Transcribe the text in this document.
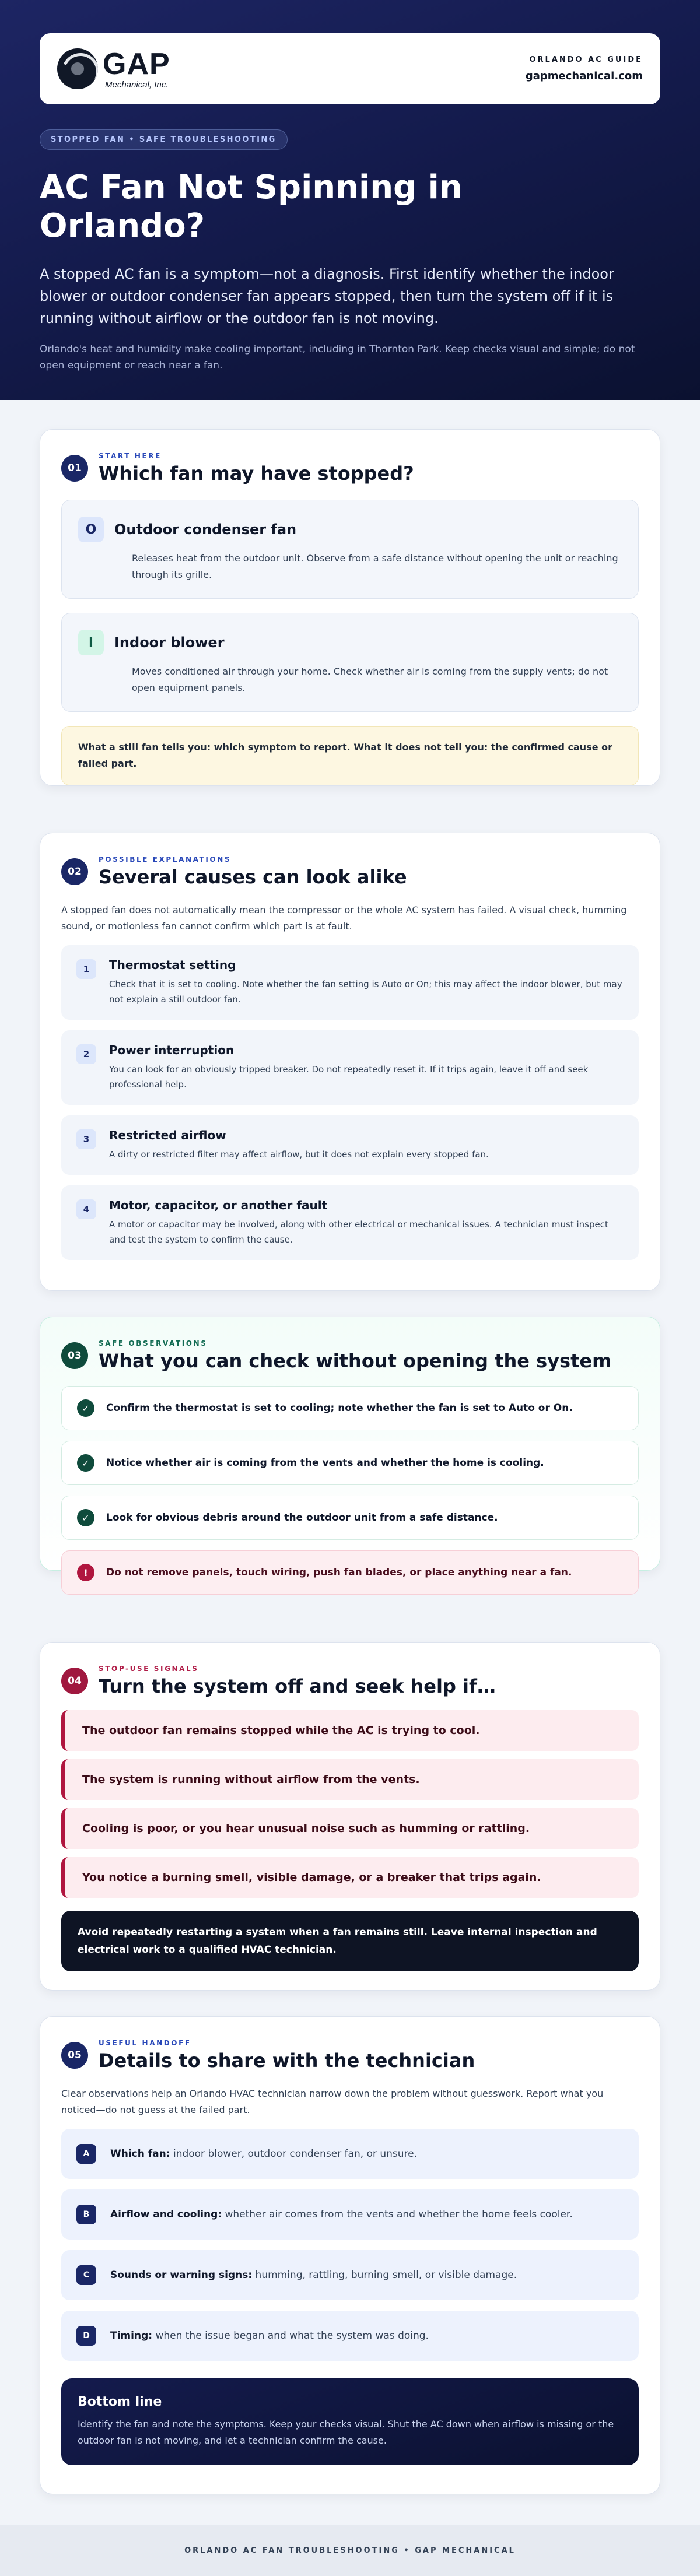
GAP
Mechanical, Inc.
ORLANDO AC GUIDE
gapmechanical.com
STOPPED FAN • SAFE TROUBLESHOOTING
AC Fan Not Spinning in Orlando?

A stopped AC fan is a symptom—not a diagnosis. First identify whether the indoor blower or outdoor condenser fan appears stopped, then turn the system off if it is running without airflow or the outdoor fan is not moving.

Orlando's heat and humidity make cooling important, including in Thornton Park. Keep checks visual and simple; do not open equipment or reach near a fan.

01
START HERE
Which fan may have stopped?
O	Outdoor condenser fan

Releases heat from the outdoor unit. Observe from a safe distance without opening the unit or reaching through its grille.

I	Indoor blower

Moves conditioned air through your home. Check whether air is coming from the supply vents; do not open equipment panels.

What a still fan tells you: which symptom to report. What it does not tell you: the confirmed cause or failed part.
02
POSSIBLE EXPLANATIONS
Several causes can look alike

A stopped fan does not automatically mean the compressor or the whole AC system has failed. A visual check, humming sound, or motionless fan cannot confirm which part is at fault.

1	Thermostat setting
Check that it is set to cooling. Note whether the fan setting is Auto or On; this may affect the indoor blower, but may not explain a still outdoor fan.
2	Power interruption
You can look for an obviously tripped breaker. Do not repeatedly reset it. If it trips again, leave it off and seek professional help.
3	Restricted airflow
A dirty or restricted filter may affect airflow, but it does not explain every stopped fan.
4	Motor, capacitor, or another fault
A motor or capacitor may be involved, along with other electrical or mechanical issues. A technician must inspect and test the system to confirm the cause.
03
SAFE OBSERVATIONS
What you can check without opening the system
✓	Confirm the thermostat is set to cooling; note whether the fan is set to Auto or On.
✓	Notice whether air is coming from the vents and whether the home is cooling.
✓	Look for obvious debris around the outdoor unit from a safe distance.
!	Do not remove panels, touch wiring, push fan blades, or place anything near a fan.
04
STOP-USE SIGNALS
Turn the system off and seek help if…
The outdoor fan remains stopped while the AC is trying to cool.
The system is running without airflow from the vents.
Cooling is poor, or you hear unusual noise such as humming or rattling.
You notice a burning smell, visible damage, or a breaker that trips again.
Avoid repeatedly restarting a system when a fan remains still. Leave internal inspection and electrical work to a qualified HVAC technician.
05
USEFUL HANDOFF
Details to share with the technician

Clear observations help an Orlando HVAC technician narrow down the problem without guesswork. Report what you noticed—do not guess at the failed part.

A	Which fan: indoor blower, outdoor condenser fan, or unsure.
B	Airflow and cooling: whether air comes from the vents and whether the home feels cooler.
C	Sounds or warning signs: humming, rattling, burning smell, or visible damage.
D	Timing: when the issue began and what the system was doing.
Bottom line
Identify the fan and note the symptoms. Keep your checks visual. Shut the AC down when airflow is missing or the outdoor fan is not moving, and let a technician confirm the cause.
ORLANDO AC FAN TROUBLESHOOTING • GAP MECHANICAL
